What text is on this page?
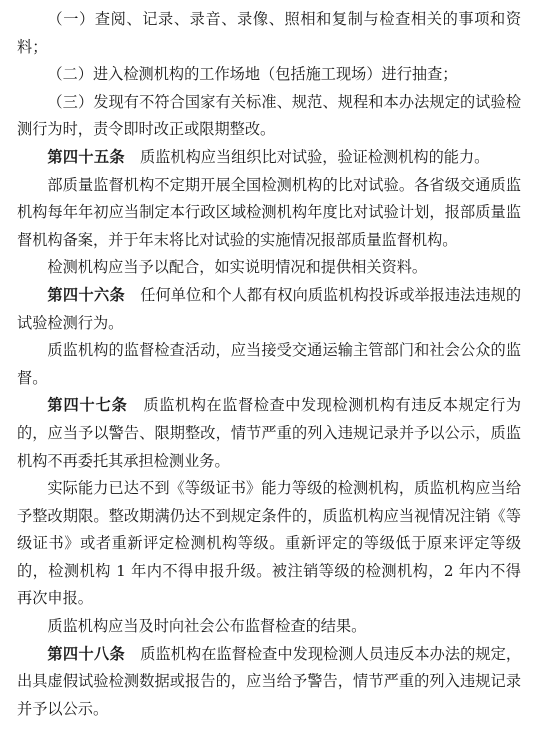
（一）查阅、记录、录音、录像、照相和复制与检查相关的事项和资料；

（二）进入检测机构的工作场地（包括施工现场）进行抽查；

（三）发现有不符合国家有关标准、规范、规程和本办法规定的试验检测行为时，责令即时改正或限期整改。

第四十五条　 质监机构应当组织比对试验，验证检测机构的能力。

部质量监督机构不定期开展全国检测机构的比对试验。各省级交通质监机构每年年初应当制定本行政区域检测机构年度比对试验计划，报部质量监督机构备案，并于年末将比对试验的实施情况报部质量监督机构。

检测机构应当予以配合，如实说明情况和提供相关资料。

第四十六条　 任何单位和个人都有权向质监机构投诉或举报违法违规的试验检测行为。

质监机构的监督检查活动，应当接受交通运输主管部门和社会公众的监督。

第四十七条　 质监机构在监督检查中发现检测机构有违反本规定行为的，应当予以警告、限期整改，情节严重的列入违规记录并予以公示，质监机构不再委托其承担检测业务。

实际能力已达不到《等级证书》能力等级的检测机构，质监机构应当给予整改期限。整改期满仍达不到规定条件的，质监机构应当视情况注销《等级证书》或者重新评定检测机构等级。重新评定的等级低于原来评定等级的，检测机构 1 年内不得申报升级。被注销等级的检测机构，2 年内不得再次申报。

质监机构应当及时向社会公布监督检查的结果。

第四十八条　 质监机构在监督检查中发现检测人员违反本办法的规定，出具虚假试验检测数据或报告的，应当给予警告，情节严重的列入违规记录并予以公示。
